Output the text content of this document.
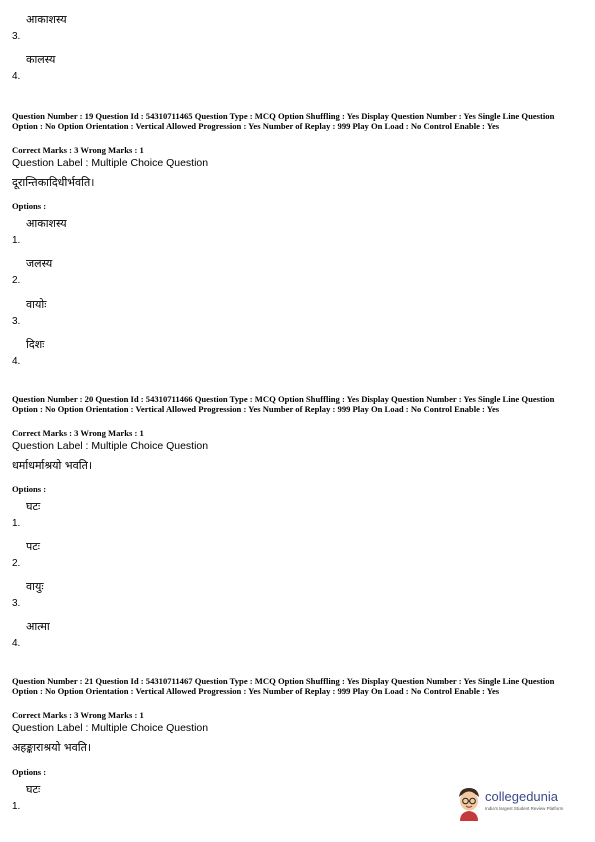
3.
आकाशस्य
4.
कालस्य
Question Number : 19 Question Id : 54310711465 Question Type : MCQ Option Shuffling : Yes Display Question Number : Yes Single Line Question Option : No Option Orientation : Vertical Allowed Progression : Yes Number of Replay : 999 Play On Load : No Control Enable : Yes
Correct Marks : 3 Wrong Marks : 1
Question Label : Multiple Choice Question
दूरान्तिकादिधीर्भवति।
Options :
1.
आकाशस्य
2.
जलस्य
3.
वायोः
4.
दिशः
Question Number : 20 Question Id : 54310711466 Question Type : MCQ Option Shuffling : Yes Display Question Number : Yes Single Line Question Option : No Option Orientation : Vertical Allowed Progression : Yes Number of Replay : 999 Play On Load : No Control Enable : Yes
Correct Marks : 3 Wrong Marks : 1
Question Label : Multiple Choice Question
धर्माधर्माश्रयो भवति।
Options :
1.
घटः
2.
पटः
3.
वायुः
4.
आत्मा
Question Number : 21 Question Id : 54310711467 Question Type : MCQ Option Shuffling : Yes Display Question Number : Yes Single Line Question Option : No Option Orientation : Vertical Allowed Progression : Yes Number of Replay : 999 Play On Load : No Control Enable : Yes
Correct Marks : 3 Wrong Marks : 1
Question Label : Multiple Choice Question
अहङ्काराश्रयो भवति।
Options :
1.
घटः	collegedunia
India's largest Student Review Platform
